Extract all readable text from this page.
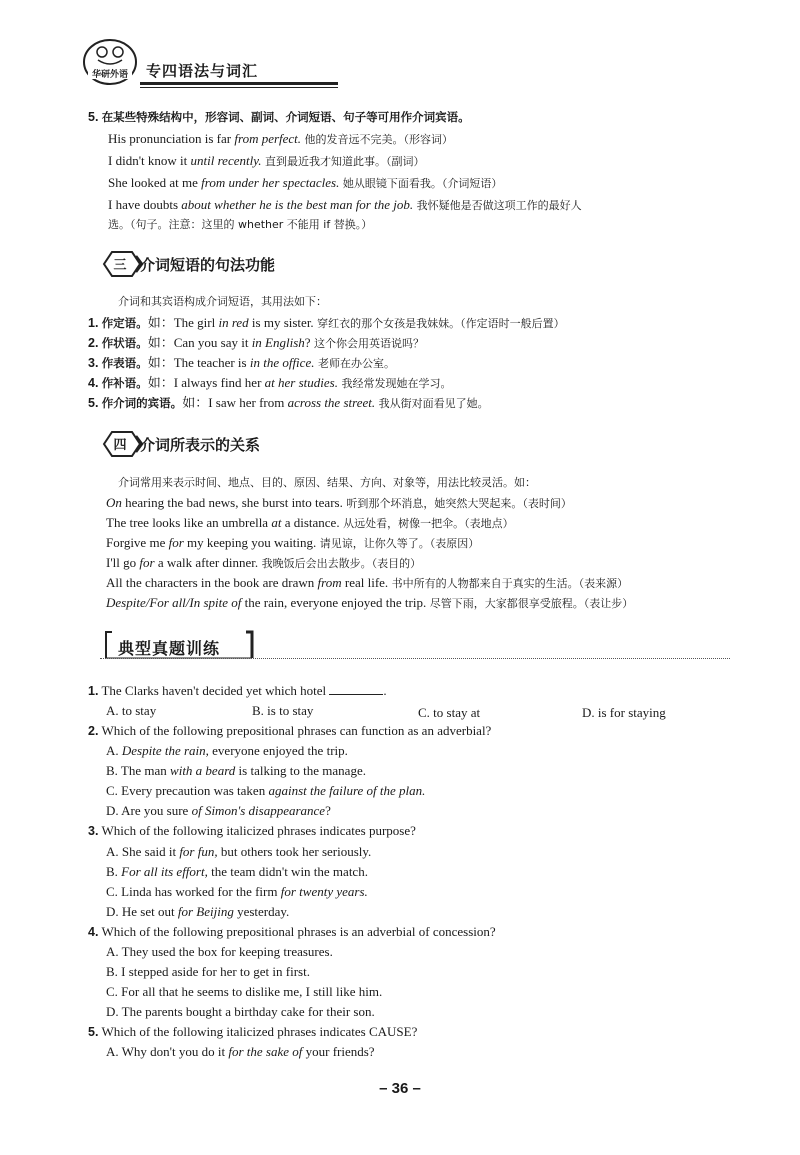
华研外语 专四语法与词汇
5. 在某些特殊结构中，形容词、副词、介词短语、句子等可用作介词宾语。
His pronunciation is far from perfect. 他的发音远不完美。（形容词）
I didn't know it until recently. 直到最近我才知道此事。（副词）
She looked at me from under her spectacles. 她从眼镜下面看我。（介词短语）
I have doubts about whether he is the best man for the job. 我怀疑他是否做这项工作的最好人
选。（句子。注意：这里的 whether 不能用 if 替换。）
三 介词短语的句法功能
介词和其宾语构成介词短语，其用法如下：
1. 作定语。如：The girl in red is my sister. 穿红衣的那个女孩是我妹妹。（作定语时一般后置）
2. 作状语。如：Can you say it in English? 这个你会用英语说吗？
3. 作表语。如：The teacher is in the office. 老师在办公室。
4. 作补语。如：I always find her at her studies. 我经常发现她在学习。
5. 作介词的宾语。如：I saw her from across the street. 我从街对面看见了她。
四 介词所表示的关系
介词常用来表示时间、地点、目的、原因、结果、方向、对象等，用法比较灵活。如：
On hearing the bad news, she burst into tears. 听到那个坏消息，她突然大哭起来。（表时间）
The tree looks like an umbrella at a distance. 从远处看，树像一把伞。（表地点）
Forgive me for my keeping you waiting. 请见谅，让你久等了。（表原因）
I'll go for a walk after dinner. 我晚饭后会出去散步。（表目的）
All the characters in the book are drawn from real life. 书中所有的人物都来自于真实的生活。（表来源）
Despite/For all/In spite of the rain, everyone enjoyed the trip. 尽管下雨，大家都很享受旅程。（表让步）
典型真题训练
1. The Clarks haven't decided yet which hotel	.
A. to stay	B. is to stay	C. to stay at	D. is for staying
2. Which of the following prepositional phrases can function as an adverbial?
A. Despite the rain, everyone enjoyed the trip.
B. The man with a beard is talking to the manage.
C. Every precaution was taken against the failure of the plan.
D. Are you sure of Simon's disappearance?
3. Which of the following italicized phrases indicates purpose?
A. She said it for fun, but others took her seriously.
B. For all its effort, the team didn't win the match.
C. Linda has worked for the firm for twenty years.
D. He set out for Beijing yesterday.
4. Which of the following prepositional phrases is an adverbial of concession?
A. They used the box for keeping treasures.
B. I stepped aside for her to get in first.
C. For all that he seems to dislike me, I still like him.
D. The parents bought a birthday cake for their son.
5. Which of the following italicized phrases indicates CAUSE?
A. Why don't you do it for the sake of your friends?
– 36 –
